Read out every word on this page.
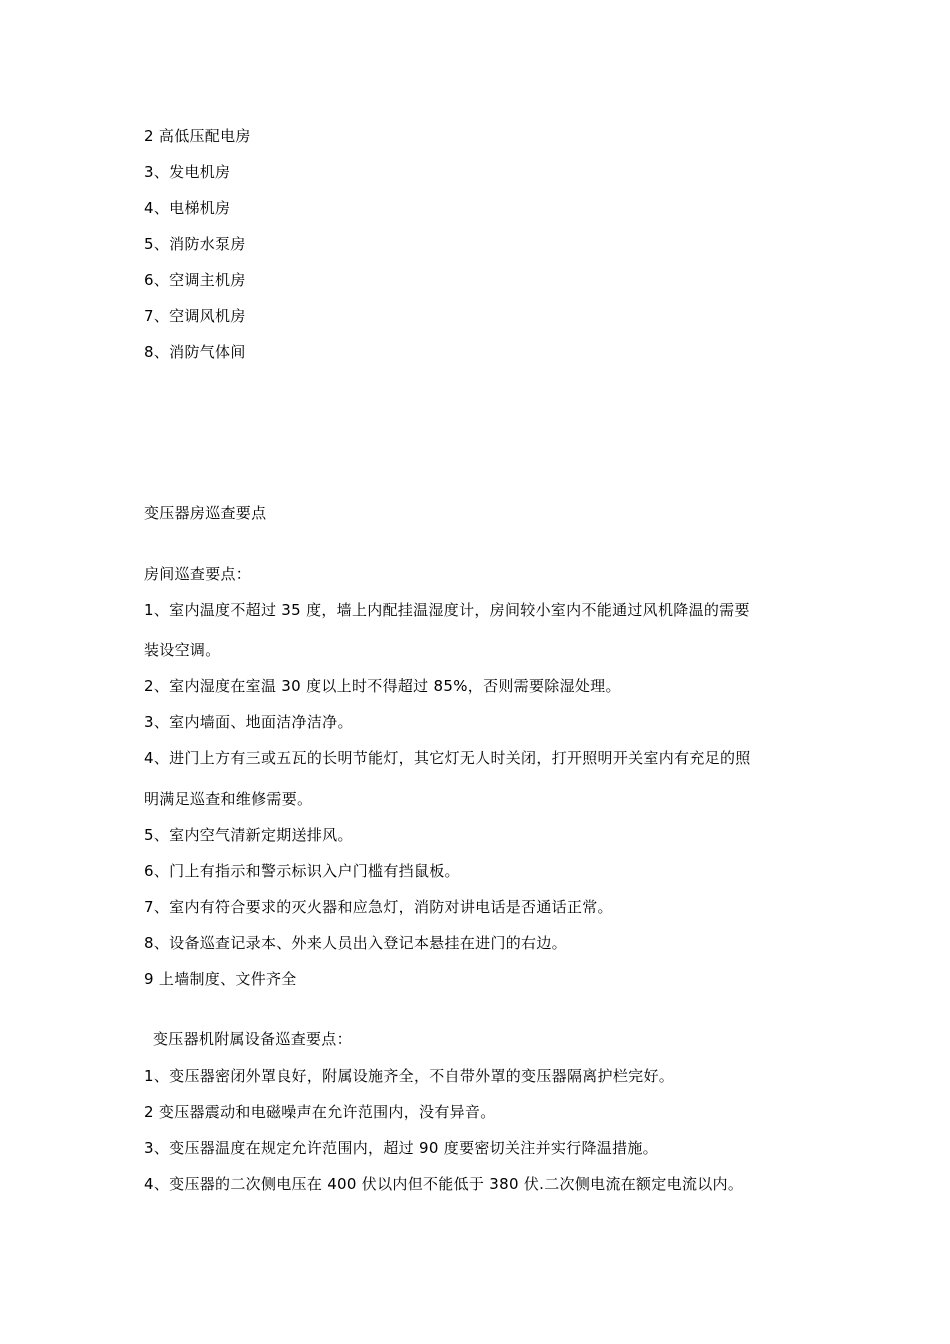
2 高低压配电房
3、发电机房
4、电梯机房
5、消防水泵房
6、空调主机房
7、空调风机房
8、消防气体间
变压器房巡查要点
房间巡查要点：
1、室内温度不超过 35 度，墙上内配挂温湿度计，房间较小室内不能通过风机降温的需要
装设空调。
2、室内湿度在室温 30 度以上时不得超过 85%，否则需要除湿处理。
3、室内墙面、地面洁净洁净。
4、进门上方有三或五瓦的长明节能灯，其它灯无人时关闭，打开照明开关室内有充足的照
明满足巡查和维修需要。
5、室内空气清新定期送排风。
6、门上有指示和警示标识入户门槛有挡鼠板。
7、室内有符合要求的灭火器和应急灯，消防对讲电话是否通话正常。
8、设备巡查记录本、外来人员出入登记本悬挂在进门的右边。
9 上墙制度、文件齐全
变压器机附属设备巡查要点：
1、变压器密闭外罩良好，附属设施齐全，不自带外罩的变压器隔离护栏完好。
2 变压器震动和电磁噪声在允许范围内，没有异音。
3、变压器温度在规定允许范围内，超过 90 度要密切关注并实行降温措施。
4、变压器的二次侧电压在 400 伏以内但不能低于 380 伏.二次侧电流在额定电流以内。
